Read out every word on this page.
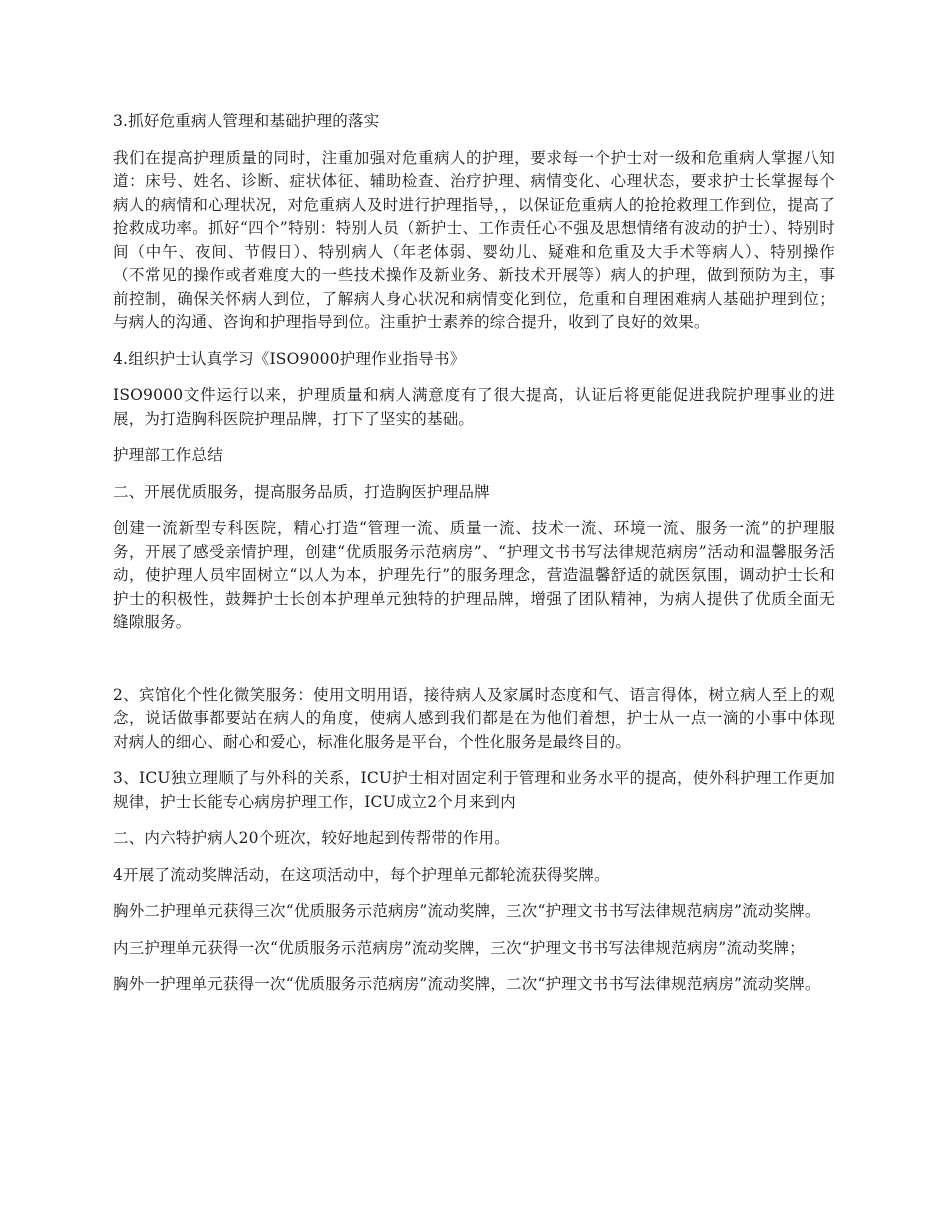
3.抓好危重病人管理和基础护理的落实

我们在提高护理质量的同时，注重加强对危重病人的护理，要求每一个护士对一级和危重病人掌握八知道：床号、姓名、诊断、症状体征、辅助检查、治疗护理、病情变化、心理状态，要求护士长掌握每个病人的病情和心理状况，对危重病人及时进行护理指导，，以保证危重病人的抢抢救理工作到位，提高了抢救成功率。抓好“四个”特别：特别人员（新护士、工作责任心不强及思想情绪有波动的护士）、特别时间（中午、夜间、节假日）、特别病人（年老体弱、婴幼儿、疑难和危重及大手术等病人）、特别操作（不常见的操作或者难度大的一些技术操作及新业务、新技术开展等）病人的护理，做到预防为主，事前控制，确保关怀病人到位，了解病人身心状况和病情变化到位，危重和自理困难病人基础护理到位；与病人的沟通、咨询和护理指导到位。注重护士素养的综合提升，收到了良好的效果。

4.组织护士认真学习《ISO9000护理作业指导书》

ISO9000文件运行以来，护理质量和病人满意度有了很大提高，认证后将更能促进我院护理事业的进展，为打造胸科医院护理品牌，打下了坚实的基础。

护理部工作总结

二、开展优质服务，提高服务品质，打造胸医护理品牌

创建一流新型专科医院，精心打造“管理一流、质量一流、技术一流、环境一流、服务一流”的护理服务，开展了感受亲情护理，创建“优质服务示范病房”、“护理文书书写法律规范病房”活动和温馨服务活动，使护理人员牢固树立“以人为本，护理先行”的服务理念，营造温馨舒适的就医氛围，调动护士长和护士的积极性，鼓舞护士长创本护理单元独特的护理品牌，增强了团队精神，为病人提供了优质全面无缝隙服务。

2、宾馆化个性化微笑服务：使用文明用语，接待病人及家属时态度和气、语言得体，树立病人至上的观念，说话做事都要站在病人的角度，使病人感到我们都是在为他们着想，护士从一点一滴的小事中体现对病人的细心、耐心和爱心，标准化服务是平台，个性化服务是最终目的。

3、ICU独立理顺了与外科的关系，ICU护士相对固定利于管理和业务水平的提高，使外科护理工作更加规律，护士长能专心病房护理工作，ICU成立2个月来到内

二、内六特护病人20个班次，较好地起到传帮带的作用。

4开展了流动奖牌活动，在这项活动中，每个护理单元都轮流获得奖牌。

胸外二护理单元获得三次“优质服务示范病房”流动奖牌，三次“护理文书书写法律规范病房”流动奖牌。

内三护理单元获得一次“优质服务示范病房”流动奖牌，三次“护理文书书写法律规范病房”流动奖牌；

胸外一护理单元获得一次“优质服务示范病房”流动奖牌，二次“护理文书书写法律规范病房”流动奖牌。
